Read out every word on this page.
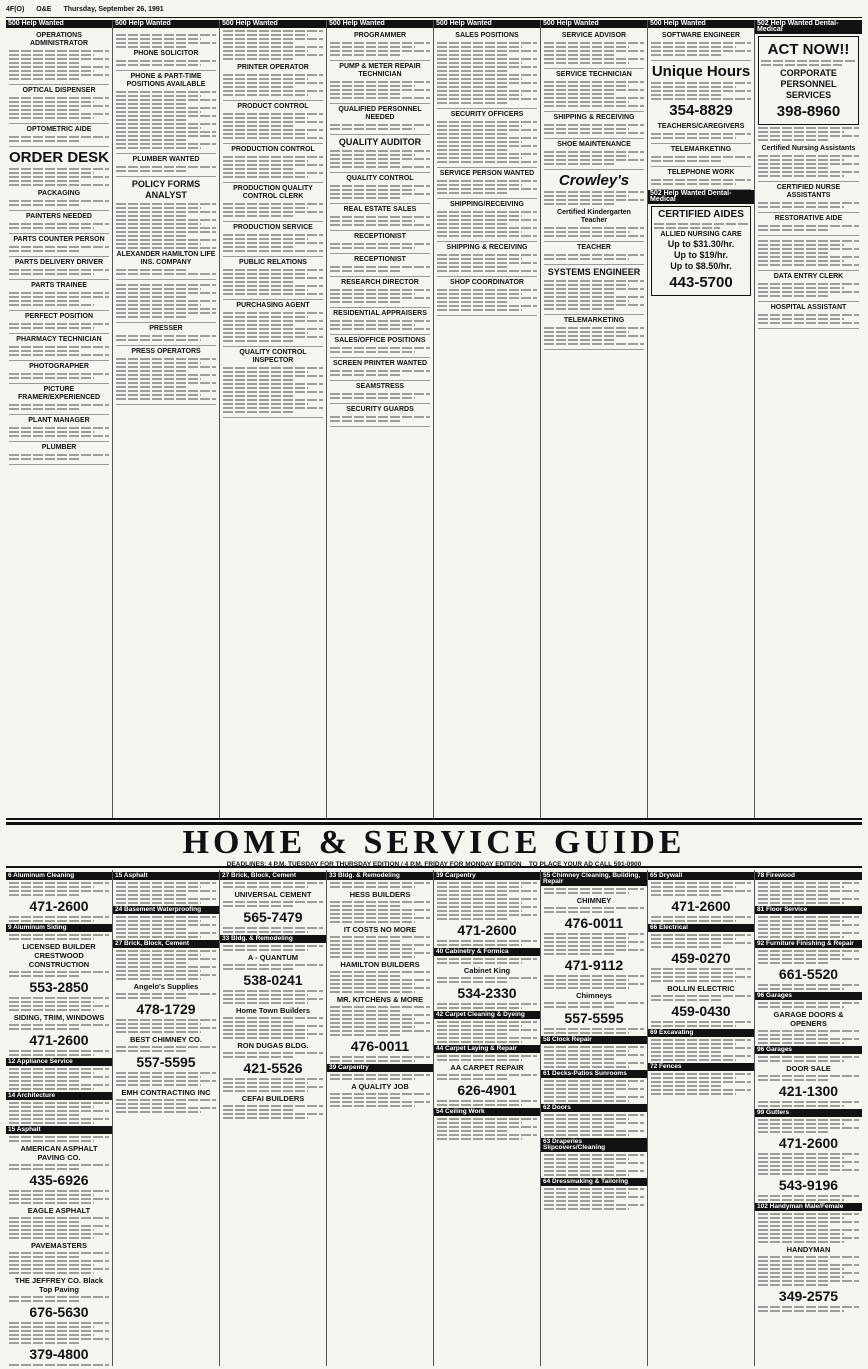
4F(O) O&E Thursday, September 26, 1991
500 Help Wanted
OPERATIONS ADMINISTRATOR
OPTICAL DISPENSER
OPTOMETRIC AIDE
ORDER DESK
PACKAGING
PAINTERS NEEDED
PARTS COUNTER PERSON
PARTS DELIVERY DRIVER
PARTS TRAINEE
PERFECT POSITION
PHARMACY TECHNICIAN
PHOTOGRAPHER
PICTURE FRAMER/EXPERIENCED
PLANT MANAGER
PLUMBER
500 Help Wanted
PHONE SOLICITOR
PHONE & PART-TIME POSITIONS AVAILABLE
PLUMBER WANTED
POLICY FORMS ANALYST
ALEXANDER HAMILTON LIFE INS. COMPANY
PRESSER
PRESS OPERATORS
500 Help Wanted
PRINTER OPERATOR
PRODUCT CONTROL
PRODUCTION CONTROL
PRODUCTION QUALITY CONTROL CLERK
PRODUCTION SERVICE
PUBLIC RELATIONS
PURCHASING AGENT
QUALITY CONTROL INSPECTOR
500 Help Wanted
PROGRAMMER
PUMP & METER REPAIR TECHNICIAN
QUALIFIED PERSONNEL NEEDED
QUALITY AUDITOR
QUALITY CONTROL
REAL ESTATE SALES
RECEPTIONIST
RECEPTIONIST
RESEARCH DIRECTOR
RESIDENTIAL APPRAISERS
SALES/OFFICE POSITIONS
SCREEN PRINTER WANTED
SEAMSTRESS
SECURITY GUARDS
500 Help Wanted
SALES POSITIONS
SECURITY OFFICERS
SERVICE PERSON WANTED
SHIPPING/RECEIVING
SHIPPING & RECEIVING
SHOP COORDINATOR
500 Help Wanted
SERVICE ADVISOR
SERVICE TECHNICIAN
SHIPPING & RECEIVING
SHOE MAINTENANCE
Crowley's
Certified Kindergarten Teacher
TEACHER
SYSTEMS ENGINEER
TELEMARKETING
500 Help Wanted
SOFTWARE ENGINEER
Unique Hours
354-8829
TEACHERS/CAREGIVERS
TELEMARKETING
TELEPHONE WORK
502 Help Wanted Dental-Medical
CERTIFIED AIDES
ALLIED NURSING CARE
Up to $31.30/hr.
Up to $19/hr.
Up to $8.50/hr.
443-5700
502 Help Wanted Dental-Medical
ACT NOW!!
CORPORATE PERSONNEL SERVICES
398-8960
Certified Nursing Assistants
CERTIFIED NURSE ASSISTANTS
RESTORATIVE AIDE
DATA ENTRY CLERK
HOSPITAL ASSISTANT
HOME & SERVICE GUIDE
DEADLINES: 4 P.M. TUESDAY FOR THURSDAY EDITION / 4 P.M. FRIDAY FOR MONDAY EDITION TO PLACE YOUR AD CALL 591-0900
6 Aluminum Cleaning
471-2600
9 Aluminum Siding
LICENSED BUILDER CRESTWOOD CONSTRUCTION
553-2850
SIDING, TRIM, WINDOWS
471-2600
12 Appliance Service
14 Architecture
15 Asphalt
AMERICAN ASPHALT PAVING CO.
435-6926
EAGLE ASPHALT
PAVEMASTERS
THE JEFFREY CO. Black Top Paving
676-5630
379-4800
15 Asphalt
24 Basement Waterproofing
27 Brick, Block, Cement
Angelo's Supplies
478-1729
BEST CHIMNEY CO.
557-5595
EMH CONTRACTING INC
27 Brick, Block, Cement
UNIVERSAL CEMENT
565-7479
33 Bldg. & Remodeling
A - QUANTUM
538-0241
Home Town Builders
RON DUGAS BLDG.
421-5526
CEFAI BUILDERS
33 Bldg. & Remodeling
HESS BUILDERS
IT COSTS NO MORE
HAMILTON BUILDERS
MR. KITCHENS & MORE
476-0011
39 Carpentry
A QUALITY JOB
39 Carpentry
471-2600
40 Cabinetry & Formica
Cabinet King
534-2330
42 Carpet Cleaning & Dyeing
44 Carpet Laying & Repair
AA CARPET REPAIR
626-4901
54 Ceiling Work
55 Chimney Cleaning, Building, Repair
CHIMNEY
476-0011
471-9112
Chimneys
557-5595
58 Clock Repair
61 Decks-Patios Sunrooms
62 Doors
63 Draperies Slipcovers/Cleaning
64 Dressmaking & Tailoring
65 Drywall
471-2600
66 Electrical
459-0270
BOLLIN ELECTRIC
459-0430
69 Excavating
72 Fences
78 Firewood
81 Floor Service
92 Furniture Finishing & Repair
661-5520
96 Garages
GARAGE DOORS & OPENERS
96 Garages
DOOR SALE
421-1300
99 Gutters
471-2600
543-9196
102 Handyman Male/Female
HANDYMAN
349-2575
